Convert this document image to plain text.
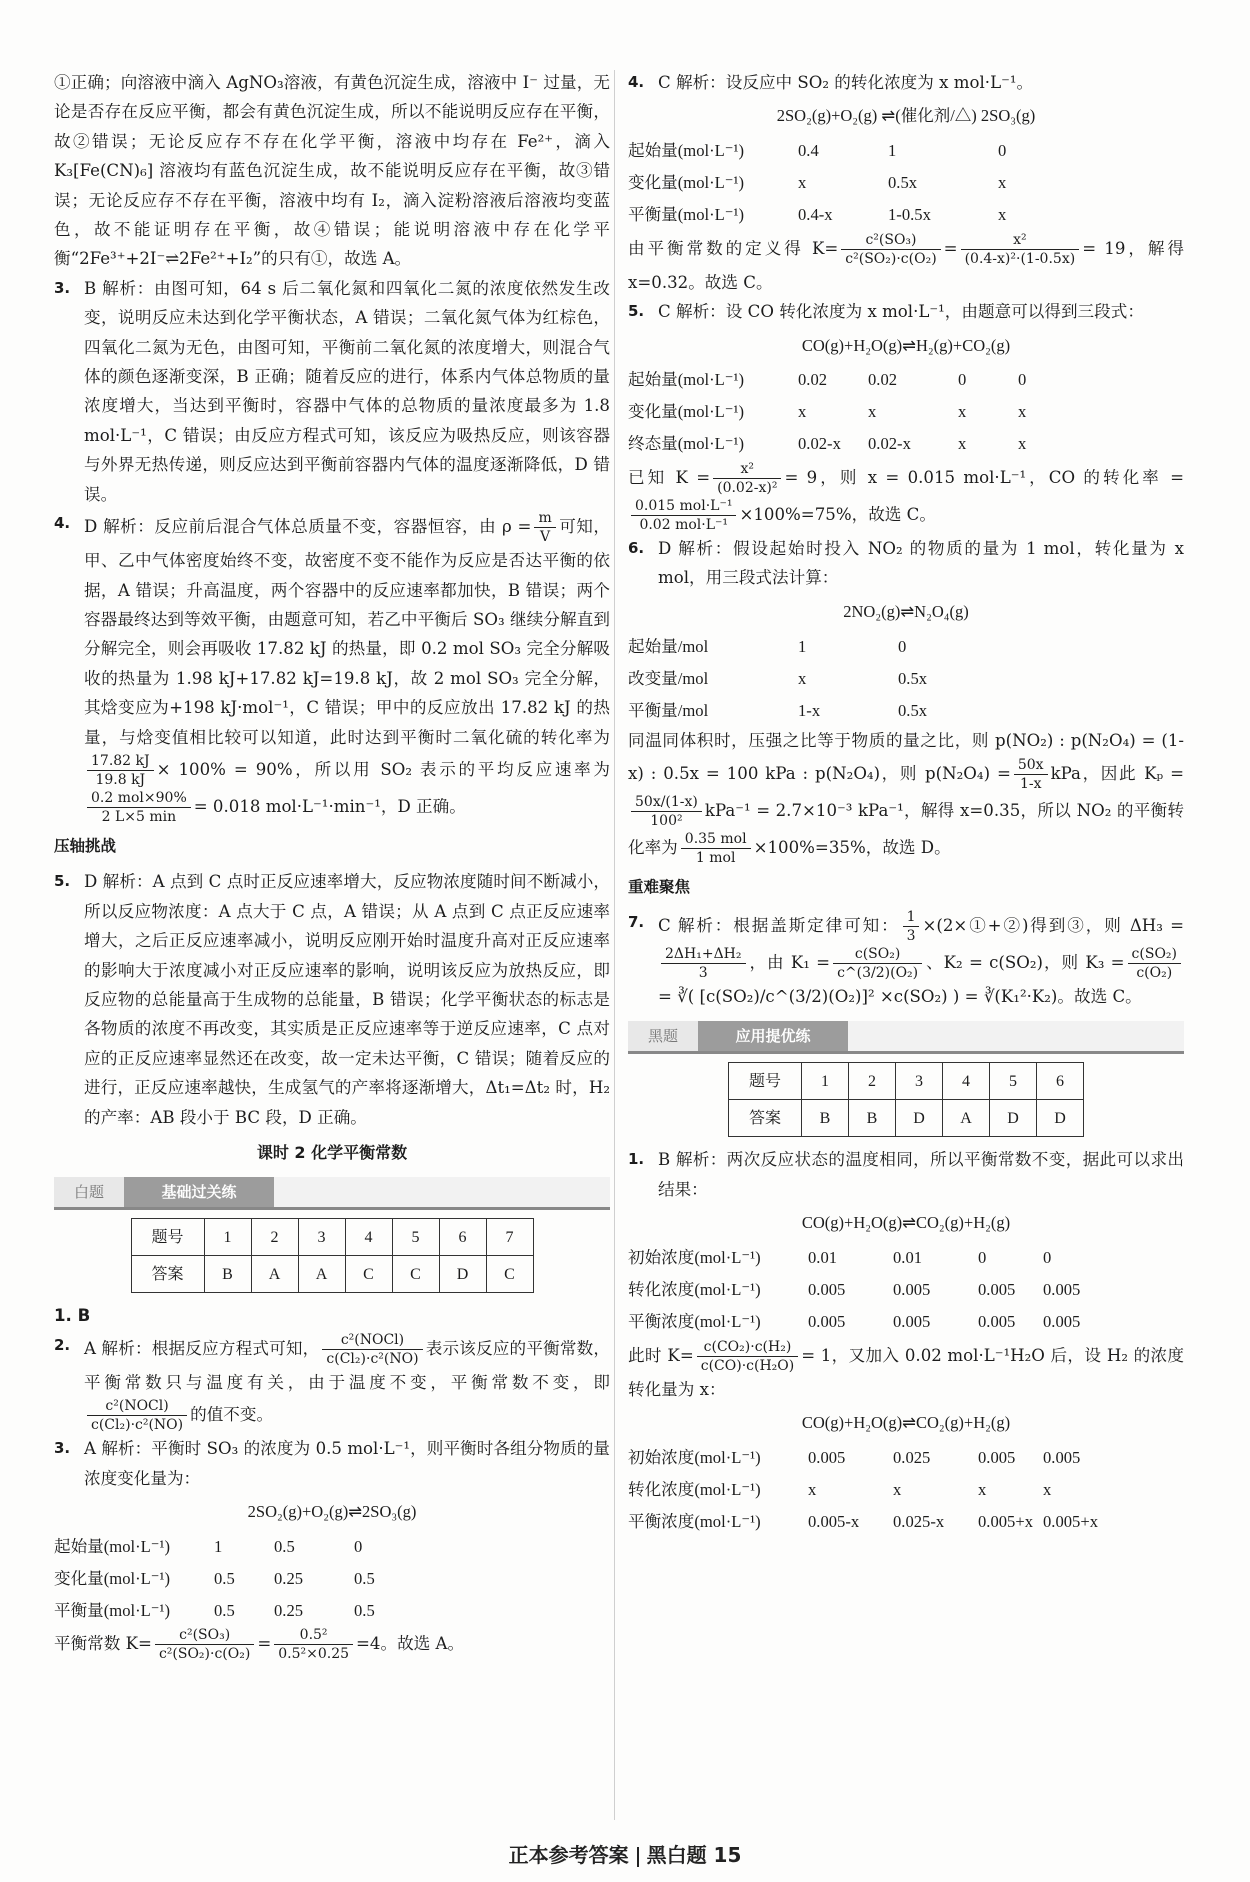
①正确；向溶液中滴入 AgNO₃溶液，有黄色沉淀生成，溶液中 I⁻ 过量，无论是否存在反应平衡，都会有黄色沉淀生成，所以不能说明反应存在平衡，故②错误；无论反应存不存在化学平衡，溶液中均存在 Fe²⁺，滴入 K₃[Fe(CN)₆] 溶液均有蓝色沉淀生成，故不能说明反应存在平衡，故③错误；无论反应存不存在平衡，溶液中均有 I₂，滴入淀粉溶液后溶液均变蓝色，故不能证明存在平衡，故④错误；能说明溶液中存在化学平衡“2Fe³⁺+2I⁻⇌2Fe²⁺+I₂”的只有①，故选 A。

3. B 解析：由图可知，64 s 后二氧化氮和四氧化二氮的浓度依然发生改变，说明反应未达到化学平衡状态，A 错误；二氧化氮气体为红棕色，四氧化二氮为无色，由图可知，平衡前二氧化氮的浓度增大，则混合气体的颜色逐渐变深，B 正确；随着反应的进行，体系内气体总物质的量浓度增大，当达到平衡时，容器中气体的总物质的量浓度最多为 1.8 mol·L⁻¹，C 错误；由反应方程式可知，该反应为吸热反应，则该容器与外界无热传递，则反应达到平衡前容器内气体的温度逐渐降低，D 错误。

4. D 解析：反应前后混合气体总质量不变，容器恒容，由 $\rho = \frac{m}{V}$ 可知，甲、乙中气体密度始终不变，故密度不变不能作为反应是否达平衡的依据，A 错误；升高温度，两个容器中的反应速率都加快，B 错误；两个容器最终达到等效平衡，由题意可知，若乙中平衡后 SO₃ 继续分解直到分解完全，则会再吸收 17.82 kJ 的热量，即 0.2 mol SO₃ 完全分解吸收的热量为 1.98 kJ+17.82 kJ=19.8 kJ，故 2 mol SO₃ 完全分解，其焓变应为+198 kJ·mol⁻¹，C 错误；甲中的反应放出 17.82 kJ 的热量，与焓变值相比较可以知道，此时达到平衡时二氧化硫的转化率为
$\frac{17.82 kJ}{19.8 kJ} \times 100\% = 90\%$，所以用 SO₂ 表示的平均反应速率为
$\frac{\text{0.2 mol×90\%}}{2 L\times 5 \min} = 0.018$ mol·L⁻¹·min⁻¹，D 正确。

压轴挑战

5. D 解析：A 点到 C 点时正反应速率增大，反应物浓度随时间不断减小，所以反应物浓度：A 点大于 C 点，A 错误；从 A 点到 C 点正反应速率增大，之后正反应速率减小，说明反应刚开始时温度升高对正反应速率的影响大于浓度减小对正反应速率的影响，说明该反应为放热反应，即反应物的总能量高于生成物的总能量，B 错误；化学平衡状态的标志是各物质的浓度不再改变，其实质是正反应速率等于逆反应速率，C 点对应的正反应速率显然还在改变，故一定未达平衡，C 错误；随着反应的进行，正反应速率越快，生成氢气的产率将逐渐增大，Δt₁=Δt₂ 时，H₂ 的产率：AB 段小于 BC 段，D 正确。

课时 2 化学平衡常数
白题	基础过关练
题号	1	2	3	4	5	6	7
答案	B	A	A	C	C	D	C

1. B

2. A 解析：根据反应方程式可知， $\frac{\text{c²(NOCl)}}{\text{c(Cl₂)·c²(NO)}}$ 表示该反应的平衡常数，平衡常数只与温度有关，由于温度不变，平衡常数不变，即
$\frac{\text{c²(NOCl)}}{\text{c(Cl₂)·c²(NO)}}$ 的值不变。

3. A 解析：平衡时 SO₃ 的浓度为 0.5 mol·L⁻¹，则平衡时各组分物质的量浓度变化量为：

2SO₂(g)+O₂(g)⇌2SO₃(g)
起始量(mol·L⁻¹)	1	0.5	0
变化量(mol·L⁻¹)	0.5	0.25	0.5
平衡量(mol·L⁻¹)	0.5	0.25	0.5

平衡常数 $K= \frac{\text{c²(SO₃)}}{\text{c²(SO₂)·c(O₂)}} = \frac{\text{0.5²}}{\text{0.5²×0.25}} =4$。故选 A。

4. C 解析：设反应中 SO₂ 的转化浓度为 x mol·L⁻¹。

2SO₂(g)+O₂(g) ⇌(催化剂/△) 2SO₃(g)
起始量(mol·L⁻¹)	0.4	1	0
变化量(mol·L⁻¹)	x	0.5x	x
平衡量(mol·L⁻¹)	0.4-x	1-0.5x	x

由平衡常数的定义得 $K= \frac{\text{c²(SO₃)}}{\text{c²(SO₂)·c(O₂)}} = \frac{\text{x²}}{\text{(0.4-x)²·(1-0.5x)}} = 19$，解得 x=0.32。故选 C。

5. C 解析：设 CO 转化浓度为 x mol·L⁻¹，由题意可以得到三段式：

CO(g)+H₂O(g)⇌H₂(g)+CO₂(g)
起始量(mol·L⁻¹)	0.02	0.02	0	0
变化量(mol·L⁻¹)	x	x	x	x
终态量(mol·L⁻¹)	0.02-x	0.02-x	x	x

已知 $K = \frac{\text{x²}}{\text{(0.02-x)²}} = 9$，则 x = 0.015 mol·L⁻¹，CO 的转化率 =
$\frac{\text{0.015 mol·L⁻¹}}{\text{0.02 mol·L⁻¹}} \times 100\%=75\%$，故选 C。

6. D 解析：假设起始时投入 NO₂ 的物质的量为 1 mol，转化量为 x mol，用三段式法计算：

2NO₂(g)⇌N₂O₄(g)
起始量/mol	1	0
改变量/mol	x	0.5x
平衡量/mol	1-x	0.5x

同温同体积时，压强之比等于物质的量之比，则 p(NO₂) : p(N₂O₄) = (1-x) : 0.5x = 100 kPa : p(N₂O₄)，则 $p(N_2O_4) = \frac{50x}{1-x}$ kPa，因此 Kₚ =
$\frac{50x/(1-x)}{\text{100²}} kPa^{-1} = 2.7\times 10^{-3}$ kPa⁻¹，解得 x=0.35，所以 NO₂ 的平衡转化率为 $\frac{\text{0.35 mol}}{\text{1 mol}} \times 100\%=35\%$，故选 D。

重难聚焦

7. C 解析：根据盖斯定律可知： $\frac{1}{3}$ ×(2×①+②)得到③，则 ΔH₃ =
$\frac{\text{2ΔH₁+ΔH₂}}{3}$ ，由 $K_1 = \frac{\text{c(SO₂)}}{\text{c\textasciicircum{}(3/2)(O₂)}}$ 、K₂ = c(SO₂)，则 $K_3 = \frac{\text{c(SO₂)}}{\text{c(O₂)}}$
= ∛( [c(SO₂)/c^(3/2)(O₂)]² ×c(SO₂) ) = ∛(K₁²·K₂)。故选 C。

黑题	应用提优练
题号	1	2	3	4	5	6
答案	B	B	D	A	D	D

1. B 解析：两次反应状态的温度相同，所以平衡常数不变，据此可以求出结果：

CO(g)+H₂O(g)⇌CO₂(g)+H₂(g)
初始浓度(mol·L⁻¹)	0.01	0.01	0	0
转化浓度(mol·L⁻¹)	0.005	0.005	0.005	0.005
平衡浓度(mol·L⁻¹)	0.005	0.005	0.005	0.005

此时 $K= \frac{\text{c(CO₂)·c(H₂)}}{\text{c(CO)·c(H₂O)}} = 1$，又加入 0.02 mol·L⁻¹H₂O 后，设 H₂ 的浓度转化量为 x：

CO(g)+H₂O(g)⇌CO₂(g)+H₂(g)
初始浓度(mol·L⁻¹)	0.005	0.025	0.005	0.005
转化浓度(mol·L⁻¹)	x	x	x	x
平衡浓度(mol·L⁻¹)	0.005-x	0.025-x	0.005+x 0.005+x
正本参考答案 黑白题 15
